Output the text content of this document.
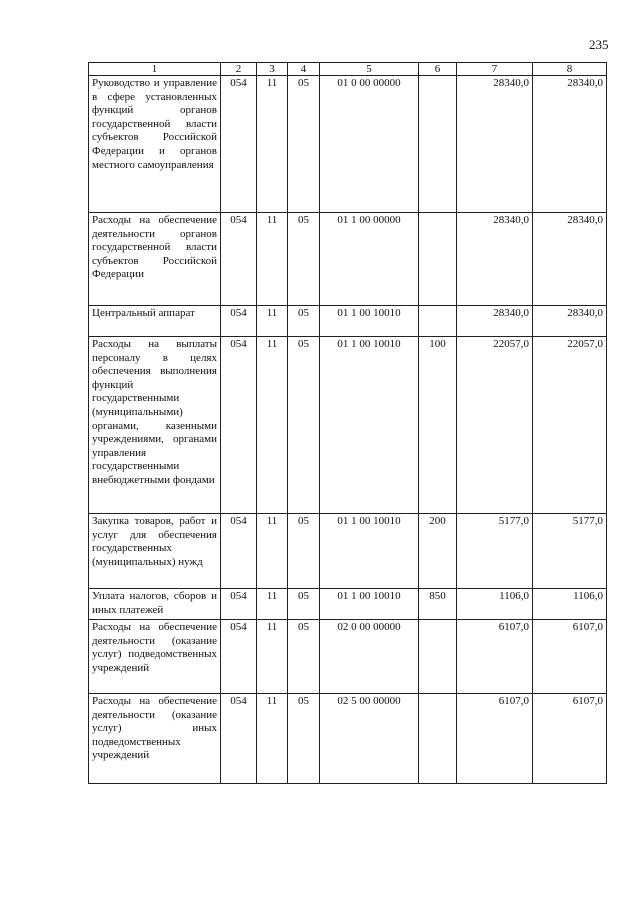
235
1	2	3	4	5	6	7	8
Руководство и управление в сфере установленных функций органов государственной власти субъектов Российской Федерации и органов местного самоуправления	054	11	05	01 0 00 00000		28340,0	28340,0
Расходы на обеспечение деятельности органов государственной власти субъектов Российской Федерации	054	11	05	01 1 00 00000		28340,0	28340,0
Центральный аппарат	054	11	05	01 1 00 10010		28340,0	28340,0
Расходы на выплаты персоналу в целях обеспечения выполнения функций государственными (муниципальными) органами, казенными учреждениями, органами управления государственными внебюджетными фондами	054	11	05	01 1 00 10010	100	22057,0	22057,0
Закупка товаров, работ и услуг для обеспечения государственных (муниципальных) нужд	054	11	05	01 1 00 10010	200	5177,0	5177,0
Уплата налогов, сборов и иных платежей	054	11	05	01 1 00 10010	850	1106,0	1106,0
Расходы на обеспечение деятельности (оказание услуг) подведомственных учреждений	054	11	05	02 0 00 00000		6107,0	6107,0
Расходы на обеспечение деятельности (оказание услуг) иных подведомственных учреждений	054	11	05	02 5 00 00000		6107,0	6107,0
